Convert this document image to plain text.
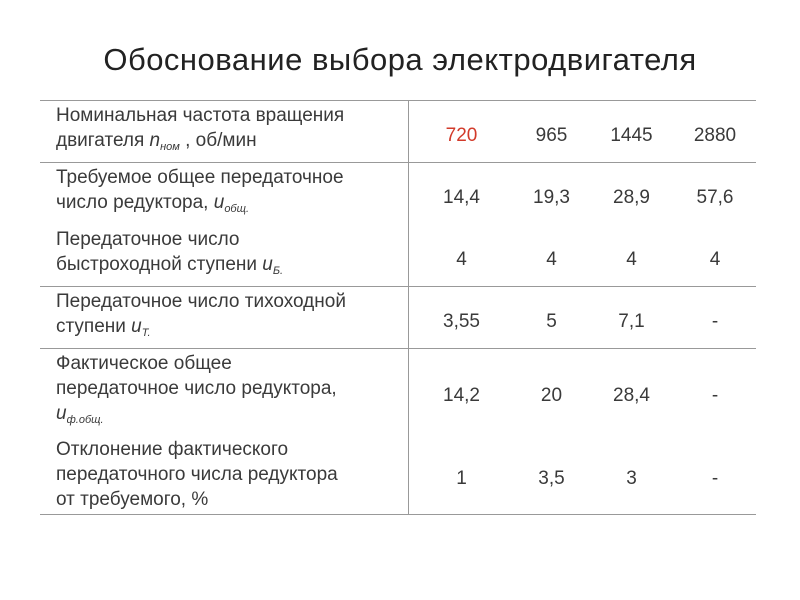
Обоснование выбора электродвигателя
Номинальная частота вращения
двигателя $n_{ном}$ , об/мин	720	965	1445	2880
Требуемое общее передаточное
число редуктора, $u_{общ.}$	14,4	19,3	28,9	57,6
Передаточное число
быстроходной ступени $u_{Б.}$	4	4	4	4
Передаточное число тихоходной
ступени $u_{Т.}$	3,55	5	7,1	-
Фактическое общее
передаточное число редуктора,
$u_{ф.общ.}$	14,2	20	28,4	-
Отклонение фактического
передаточного числа редуктора
от требуемого, %	1	3,5	3	-
